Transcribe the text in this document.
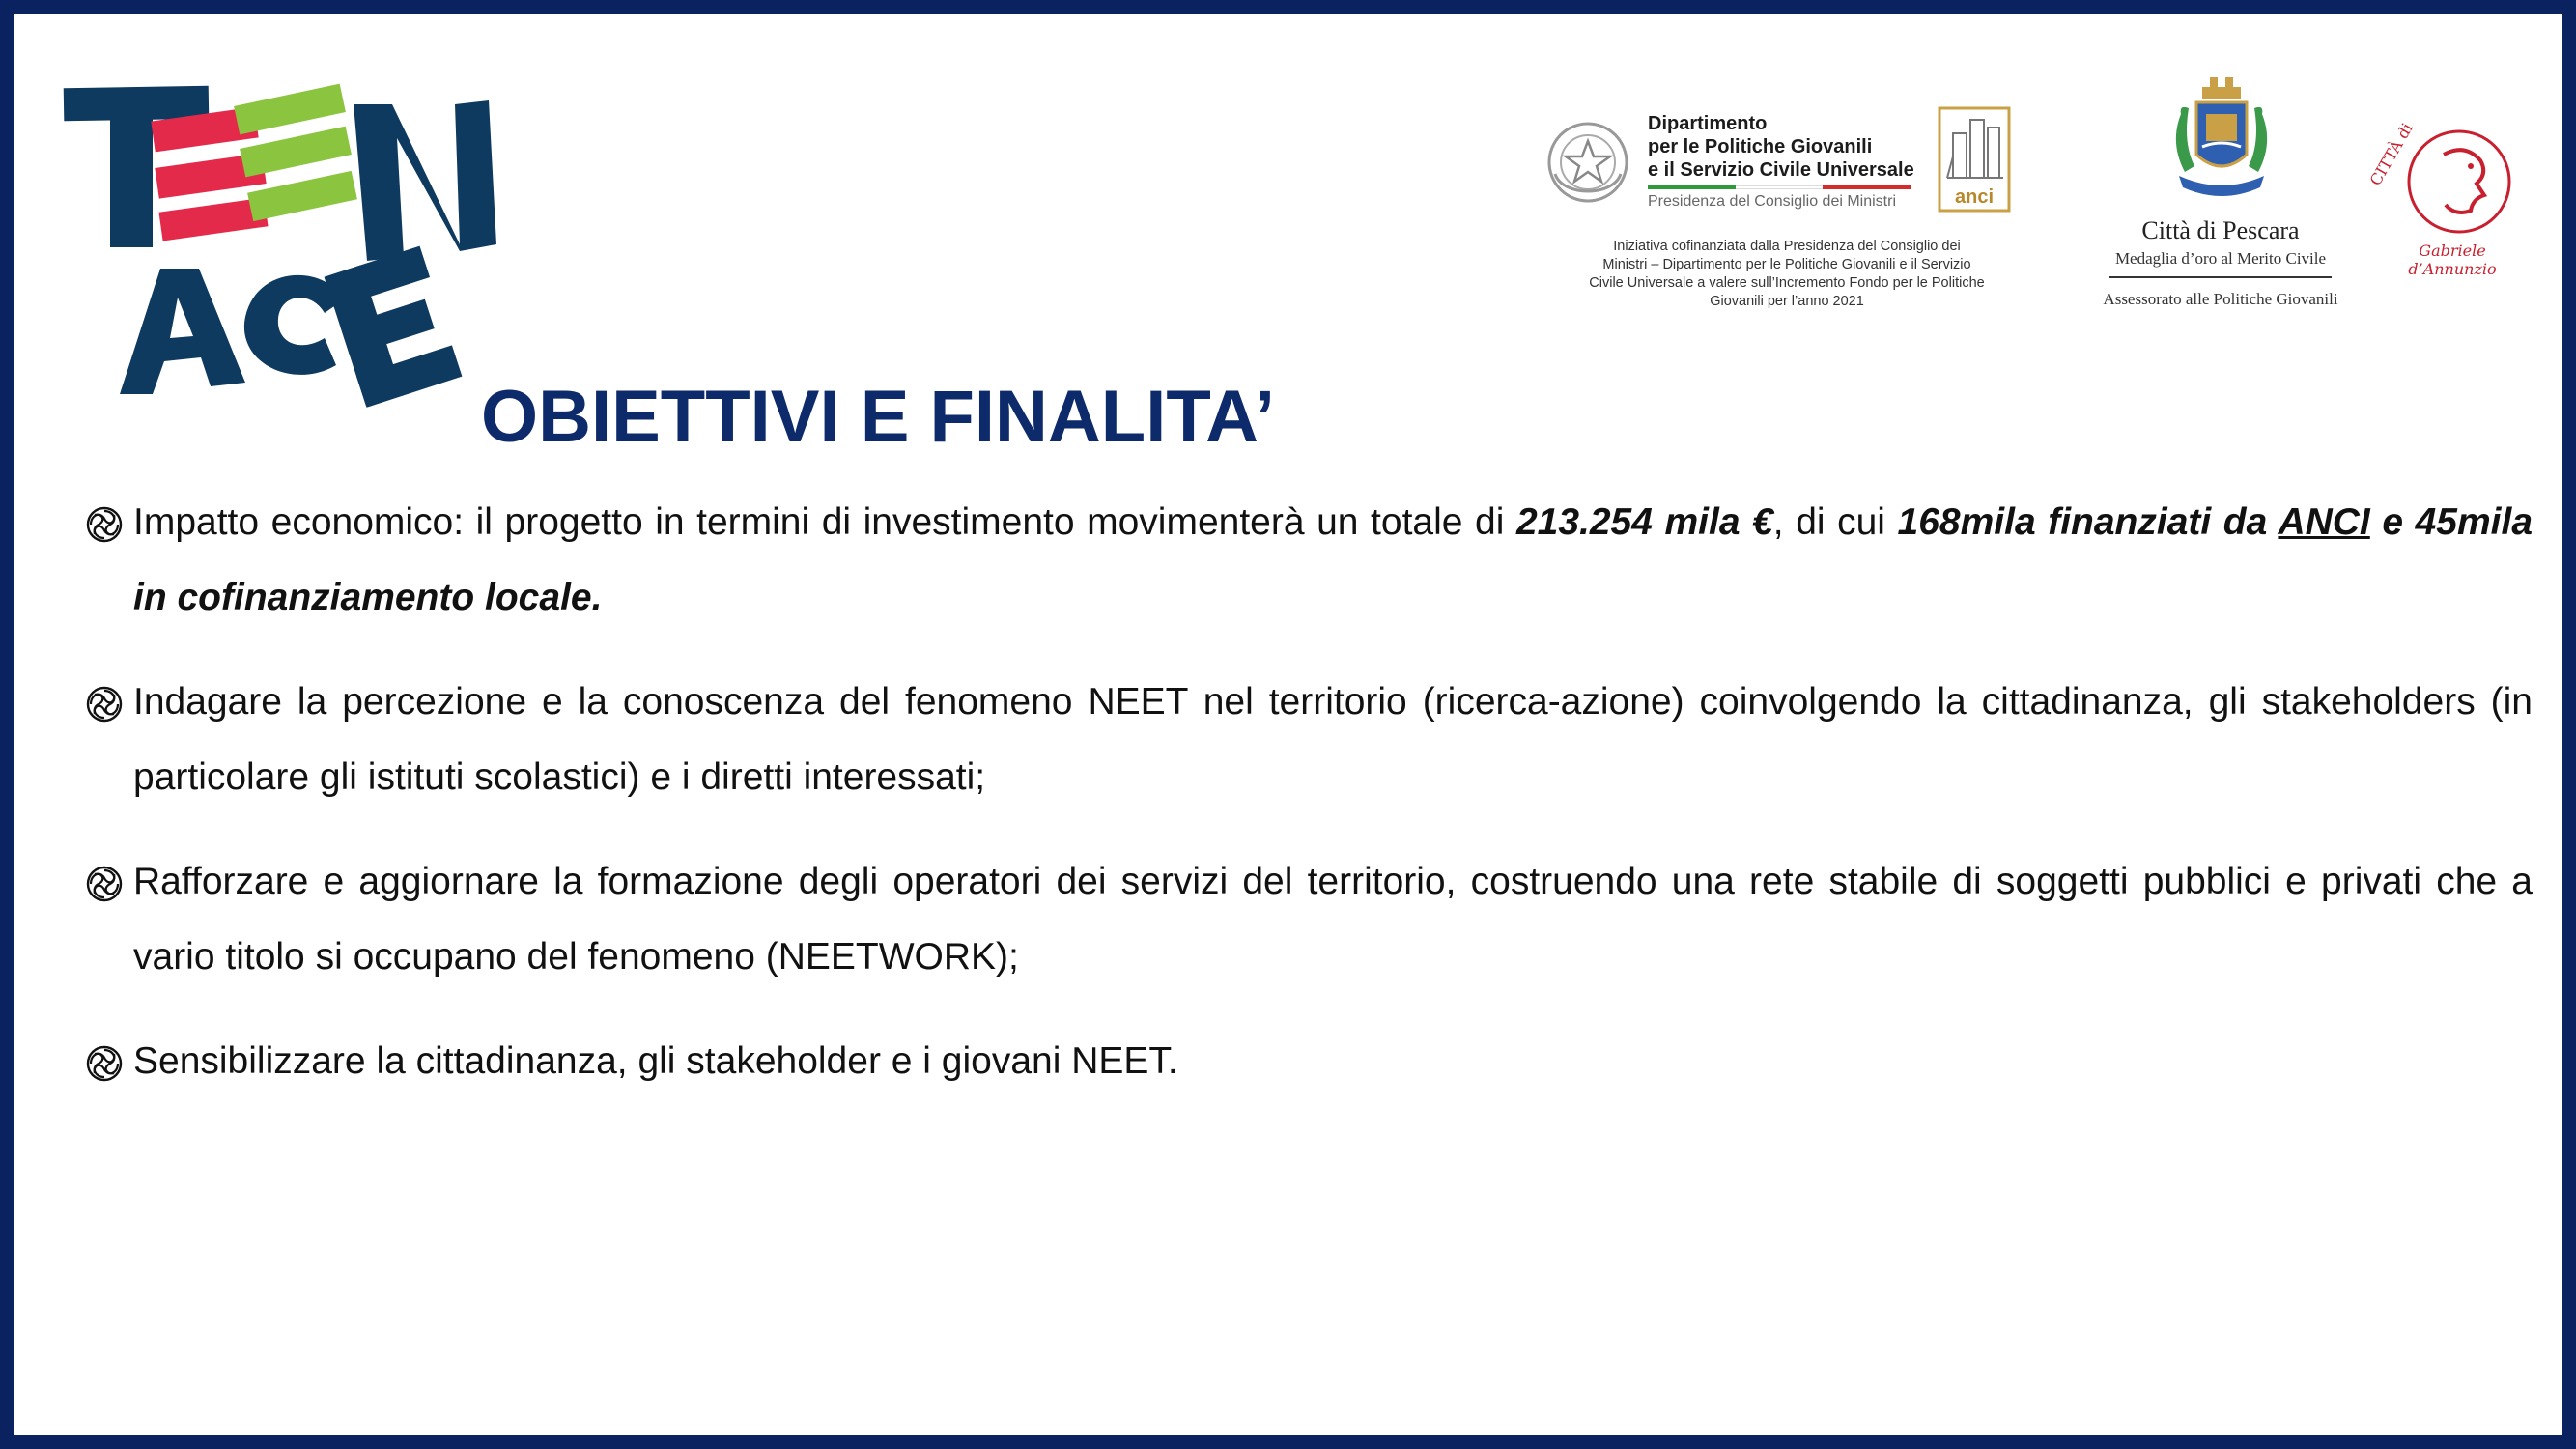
OBIETTIVI E FINALITA’
Dipartimento
per le Politiche Giovanili
e il Servizio Civile Universale
Presidenza del Consiglio dei Ministri	anci
Iniziativa cofinanziata dalla Presidenza del Consiglio dei
Ministri – Dipartimento per le Politiche Giovanili e il Servizio
Civile Universale a valere sull’Incremento Fondo per le Politiche
Giovanili per l’anno 2021
Città di Pescara
Medaglia d’oro al Merito Civile
Assessorato alle Politiche Giovanili
CITTÀ di
Gabriele d’Annunzio
Impatto economico: il progetto in termini di investimento movimenterà un totale di 213.254 mila €, di cui 168mila finanziati da ANCI e 45mila in cofinanziamento locale.
Indagare la percezione e la conoscenza del fenomeno NEET nel territorio (ricerca-azione) coinvolgendo la cittadinanza, gli stakeholders (in particolare gli istituti scolastici) e i diretti interessati;
Rafforzare e aggiornare la formazione degli operatori dei servizi del territorio, costruendo una rete stabile di soggetti pubblici e privati che a vario titolo si occupano del fenomeno (NEETWORK);
Sensibilizzare la cittadinanza, gli stakeholder e i giovani NEET.
